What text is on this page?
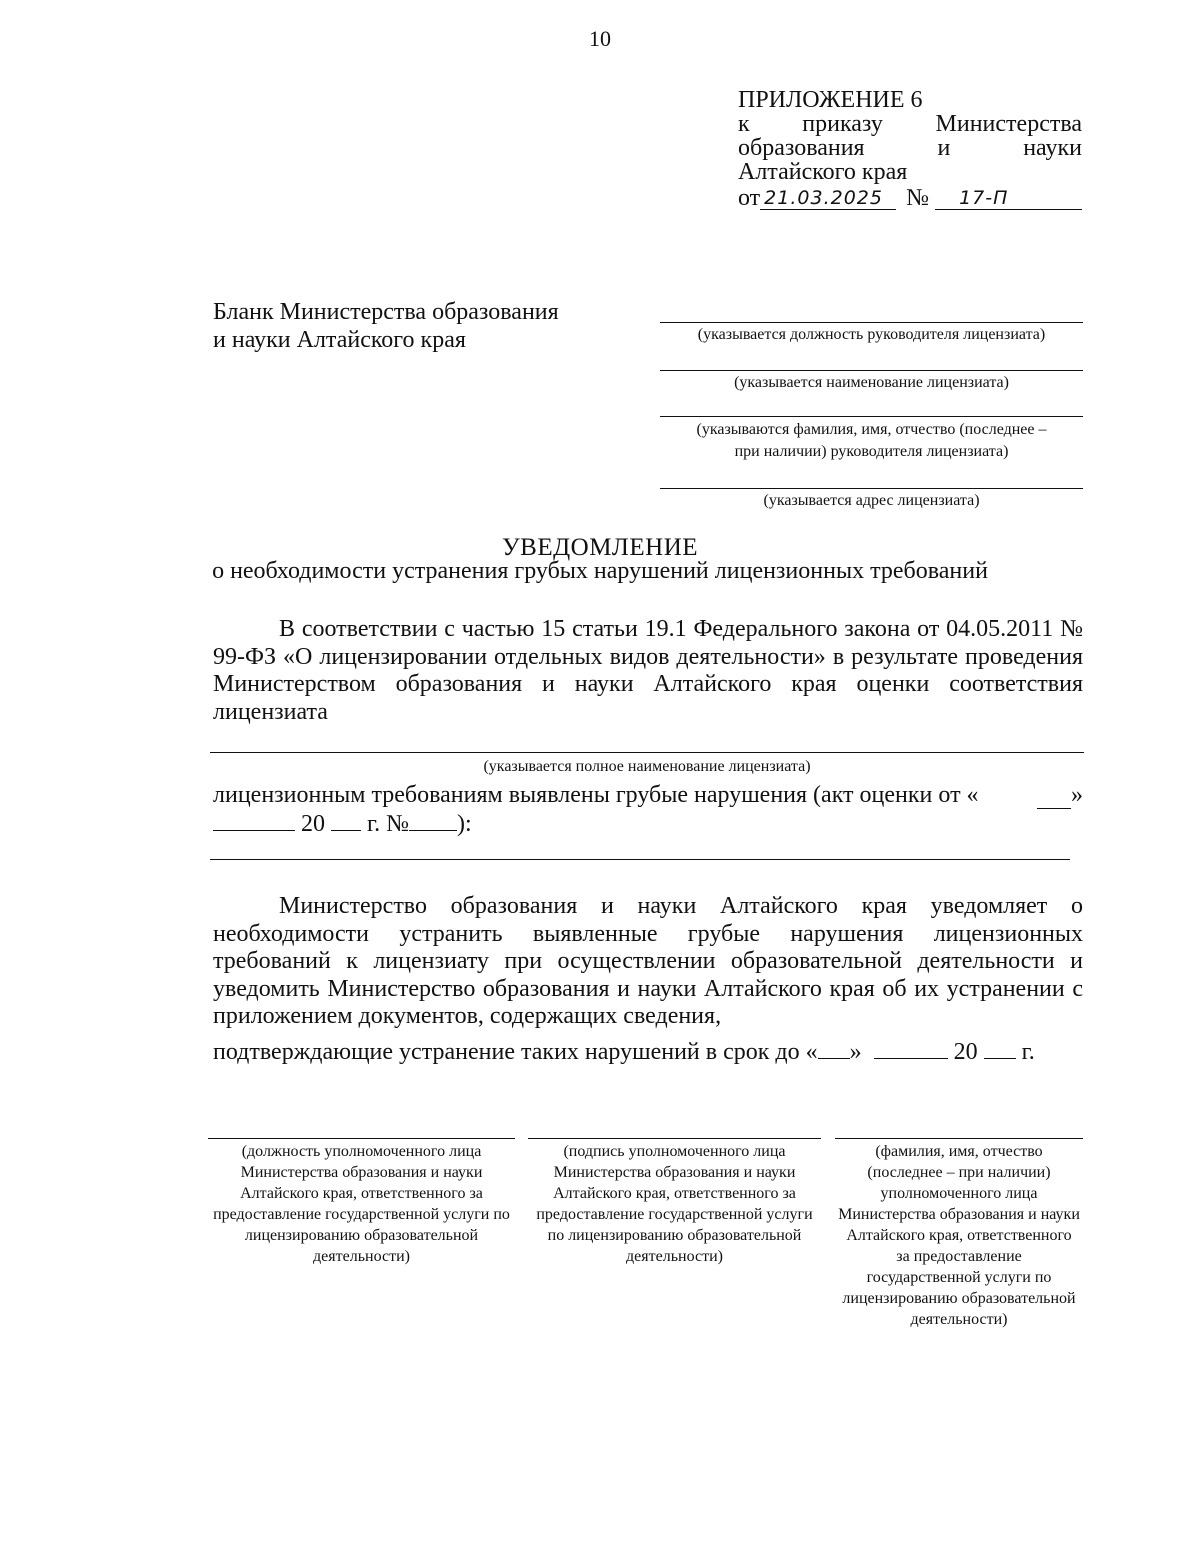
10
ПРИЛОЖЕНИЕ 6
к приказу Министерства
образования и науки
Алтайского края
от 21.03.2025 №	17-П
Бланк Министерства образования
и науки Алтайского края	(указывается должность руководителя лицензиата)
(указывается наименование лицензиата)
(указываются фамилия, имя, отчество (последнее –
при наличии) руководителя лицензиата)
(указывается адрес лицензиата)
УВЕДОМЛЕНИЕ
о необходимости устранения грубых нарушений лицензионных требований
В соответствии с частью 15 статьи 19.1 Федерального закона от 04.05.2011 № 99-ФЗ «О лицензировании отдельных видов деятельности» в результате проведения Министерством образования и науки Алтайского края оценки соответствия лицензиата
(указывается полное наименование лицензиата)
лицензионным требованиям выявлены грубые нарушения (акт оценки от «	»
20 г. № ):
Министерство образования и науки Алтайского края уведомляет о необходимости устранить выявленные грубые нарушения лицензионных требований к лицензиату при осуществлении образовательной деятельности и уведомить Министерство образования и науки Алтайского края об их устранении с приложением документов, содержащих сведения,
подтверждающие устранение таких нарушений в срок до « »	20 г.
(должность уполномоченного лица Министерства образования и науки Алтайского края, ответственного за предоставление государственной услуги по лицензированию образовательной деятельности)
(подпись уполномоченного лица Министерства образования и науки Алтайского края, ответственного за предоставление государственной услуги по лицензированию образовательной деятельности)
(фамилия, имя, отчество (последнее – при наличии) уполномоченного лица Министерства образования и науки Алтайского края, ответственного за предоставление государственной услуги по лицензированию образовательной деятельности)
